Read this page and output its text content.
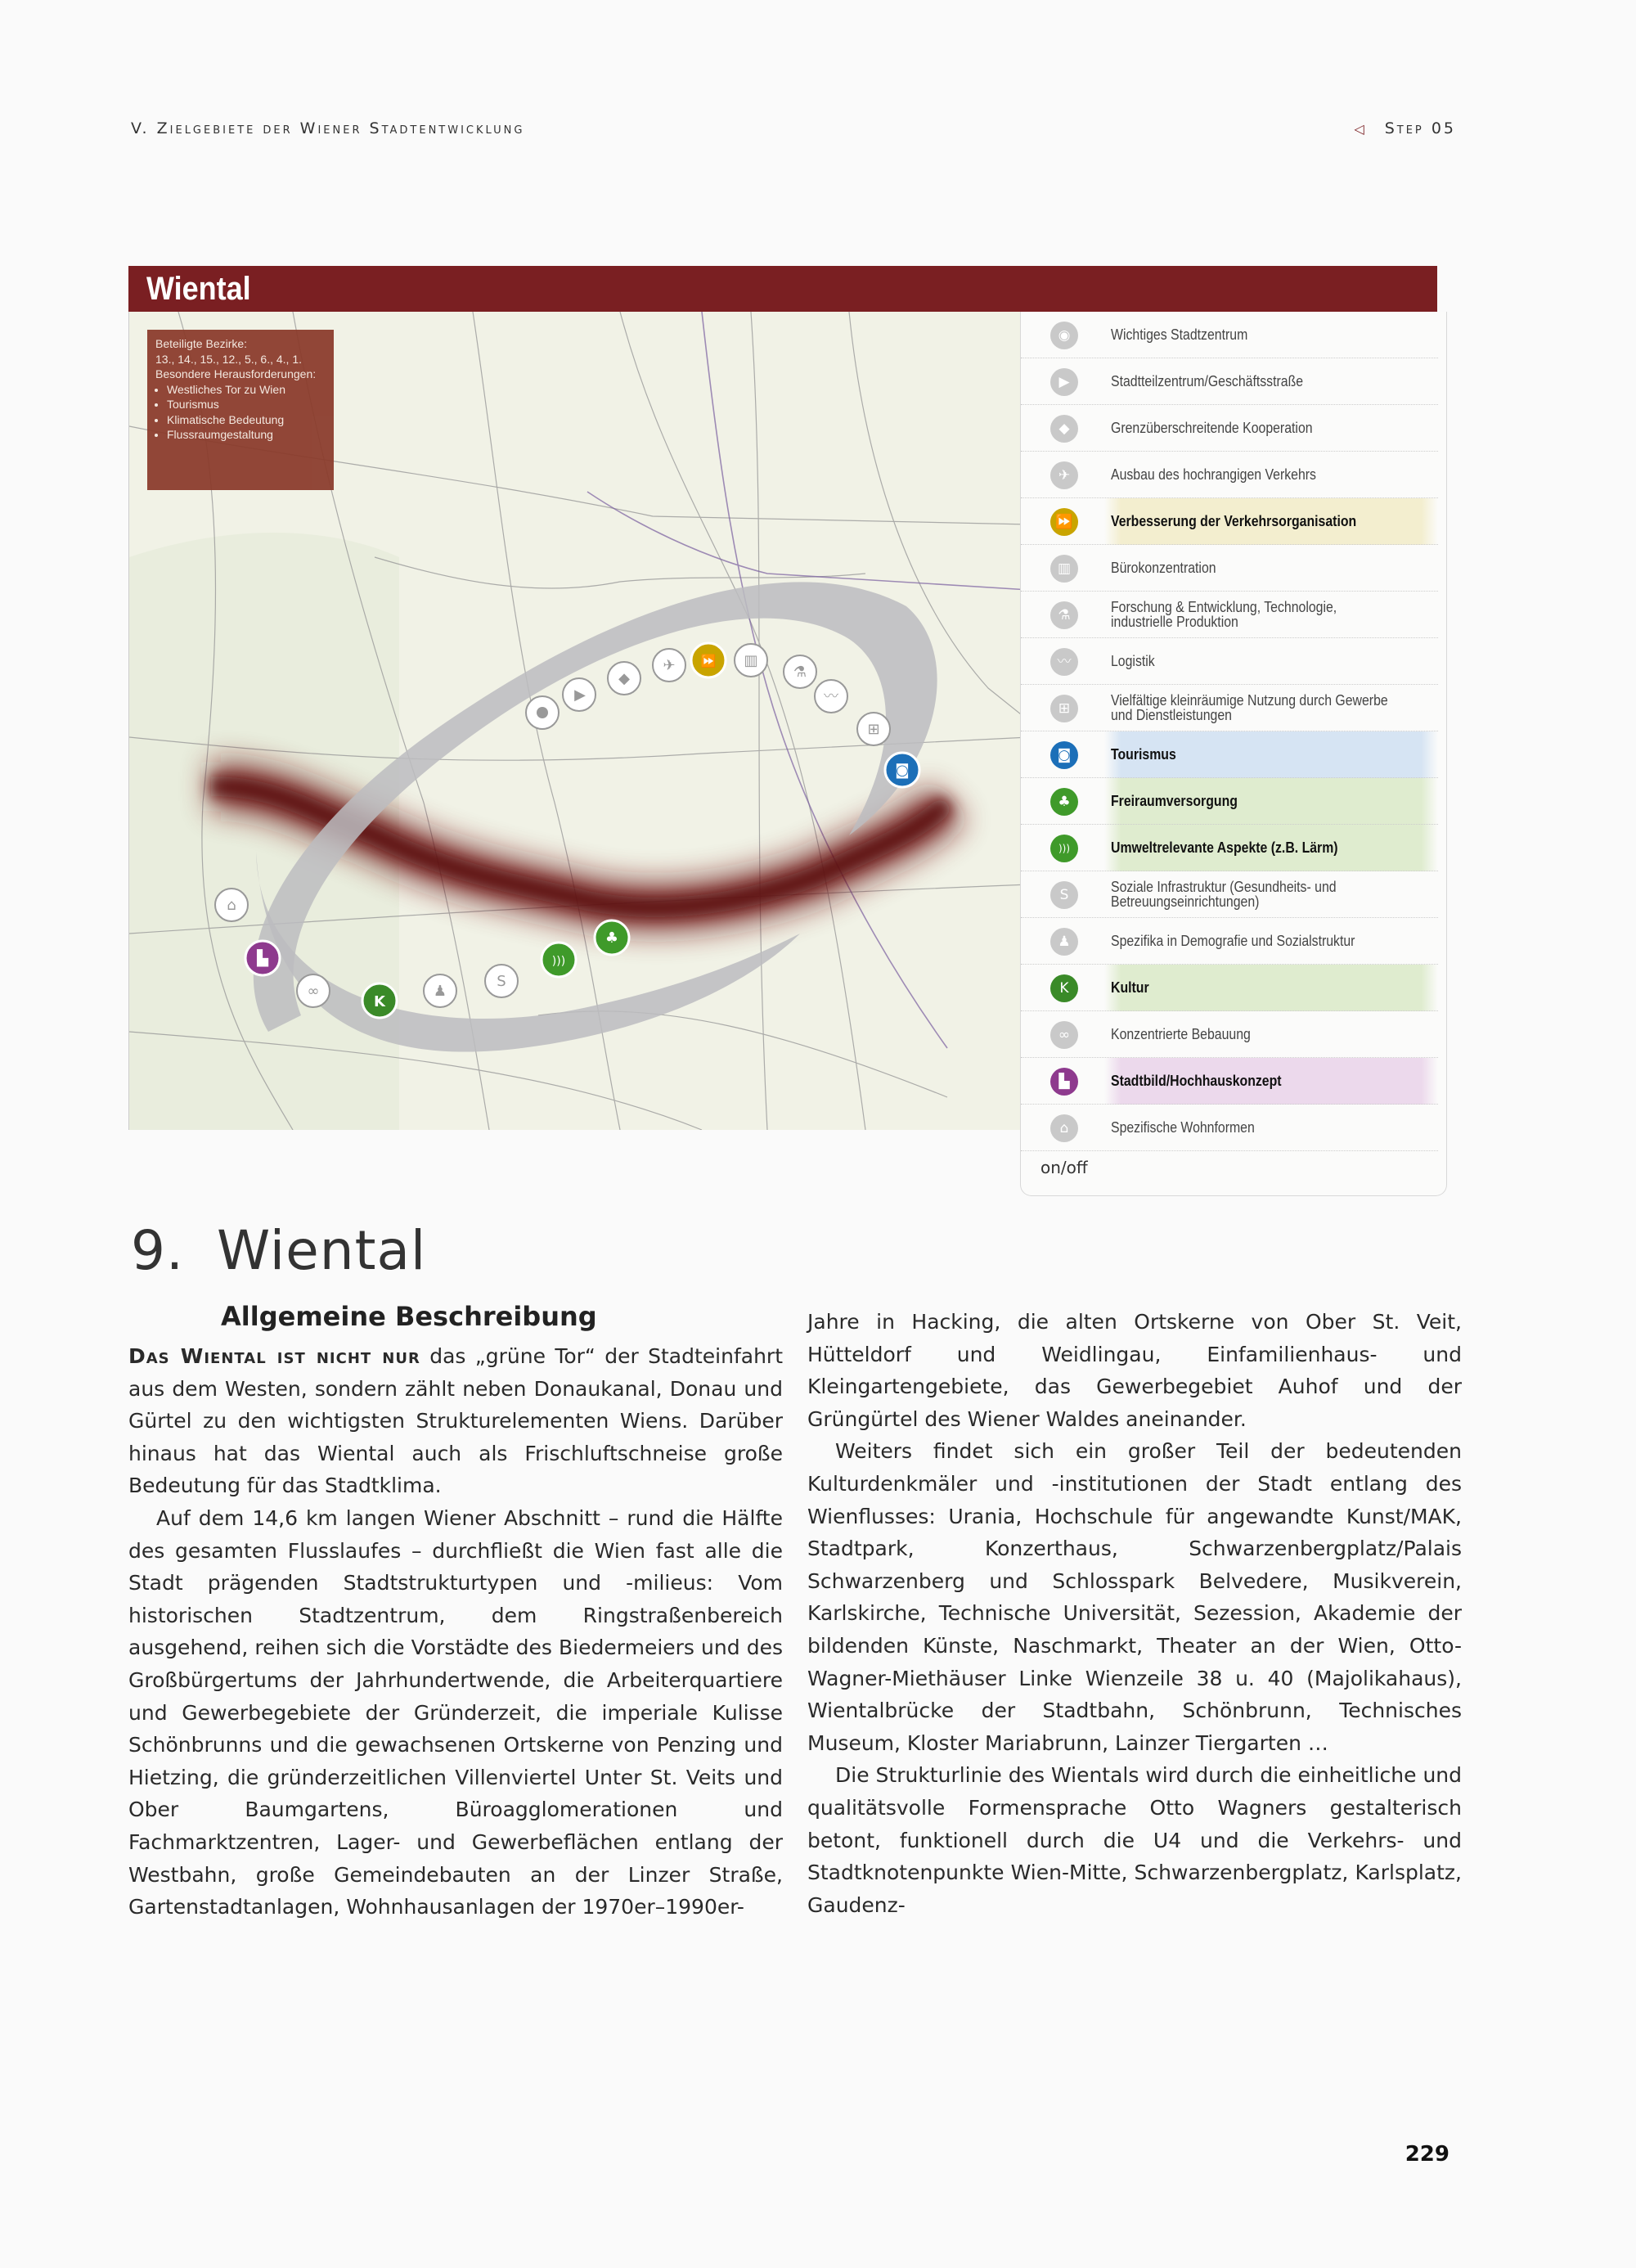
V. Zielgebiete der Wiener Stadtentwicklung	◁ Step 05
Wiental
▶
◆
✈ ⏩ ▥
⚗
〰
⊞
◙
⌂
▙
∞
K
♟
S
)))
♣
Beteiligte Bezirke:
13., 14., 15., 12., 5., 6., 4., 1.
Besondere Herausforderungen:
• Westliches Tor zu Wien
• Tourismus
• Klimatische Bedeutung
• Flussraumgestaltung
◉	Wichtiges Stadtzentrum
▶	Stadtteilzentrum/Geschäftsstraße
◆	Grenzüberschreitende Kooperation
✈	Ausbau des hochrangigen Verkehrs
⏩	Verbesserung der Verkehrsorganisation
▥	Bürokonzentration
⚗	Forschung & Entwicklung, Technologie, industrielle Produktion
〰	Logistik
⊞	Vielfältige kleinräumige Nutzung durch Gewerbe und Dienstleistungen
◙	Tourismus
♣	Freiraumversorgung
)))	Umweltrelevante Aspekte (z.B. Lärm)
S	Soziale Infrastruktur (Gesundheits- und Betreuungseinrichtungen)
♟	Spezifika in Demografie und Sozialstruktur
K	Kultur
∞	Konzentrierte Bebauung
▙	Stadtbild/Hochhauskonzept
⌂	Spezifische Wohnformen
on/off
9. Wiental
Allgemeine Beschreibung

Das Wiental ist nicht nur das „grüne Tor“ der Stadteinfahrt aus dem Westen, sondern zählt neben Donaukanal, Donau und Gürtel zu den wichtigsten Strukturelementen Wiens. Darüber hinaus hat das Wiental auch als Frischluftschneise große Bedeutung für das Stadtklima.

Auf dem 14,6 km langen Wiener Abschnitt – rund die Hälfte des gesamten Flusslaufes – durchfließt die Wien fast alle die Stadt prägenden Stadtstrukturtypen und -milieus: Vom historischen Stadtzentrum, dem Ringstraßenbereich ausgehend, reihen sich die Vorstädte des Biedermeiers und des Großbürgertums der Jahrhundertwende, die Arbeiterquartiere und Gewerbegebiete der Gründerzeit, die imperiale Kulisse Schönbrunns und die gewachsenen Ortskerne von Penzing und Hietzing, die gründerzeitlichen Villenviertel Unter St. Veits und Ober Baumgartens, Büroagglomerationen und Fachmarktzentren, Lager- und Gewerbeflächen entlang der Westbahn, große Gemeindebauten an der Linzer Straße, Gartenstadtanlagen, Wohnhausanlagen der 1970er–1990er-

Jahre in Hacking, die alten Ortskerne von Ober St. Veit, Hütteldorf und Weidlingau, Einfamilienhaus- und Kleingartengebiete, das Gewerbegebiet Auhof und der Grüngürtel des Wiener Waldes aneinander.

Weiters findet sich ein großer Teil der bedeutenden Kulturdenkmäler und -institutionen der Stadt entlang des Wienflusses: Urania, Hochschule für angewandte Kunst/MAK, Stadtpark, Konzerthaus, Schwarzenbergplatz/Palais Schwarzenberg und Schlosspark Belvedere, Musikverein, Karlskirche, Technische Universität, Sezession, Akademie der bildenden Künste, Naschmarkt, Theater an der Wien, Otto-Wagner-Miethäuser Linke Wienzeile 38 u. 40 (Majolikahaus), Wientalbrücke der Stadtbahn, Schönbrunn, Technisches Museum, Kloster Mariabrunn, Lainzer Tiergarten …

Die Strukturlinie des Wientals wird durch die einheitliche und qualitätsvolle Formensprache Otto Wagners gestalterisch betont, funktionell durch die U4 und die Verkehrs- und Stadtknotenpunkte Wien-Mitte, Schwarzenbergplatz, Karlsplatz, Gaudenz-

229
